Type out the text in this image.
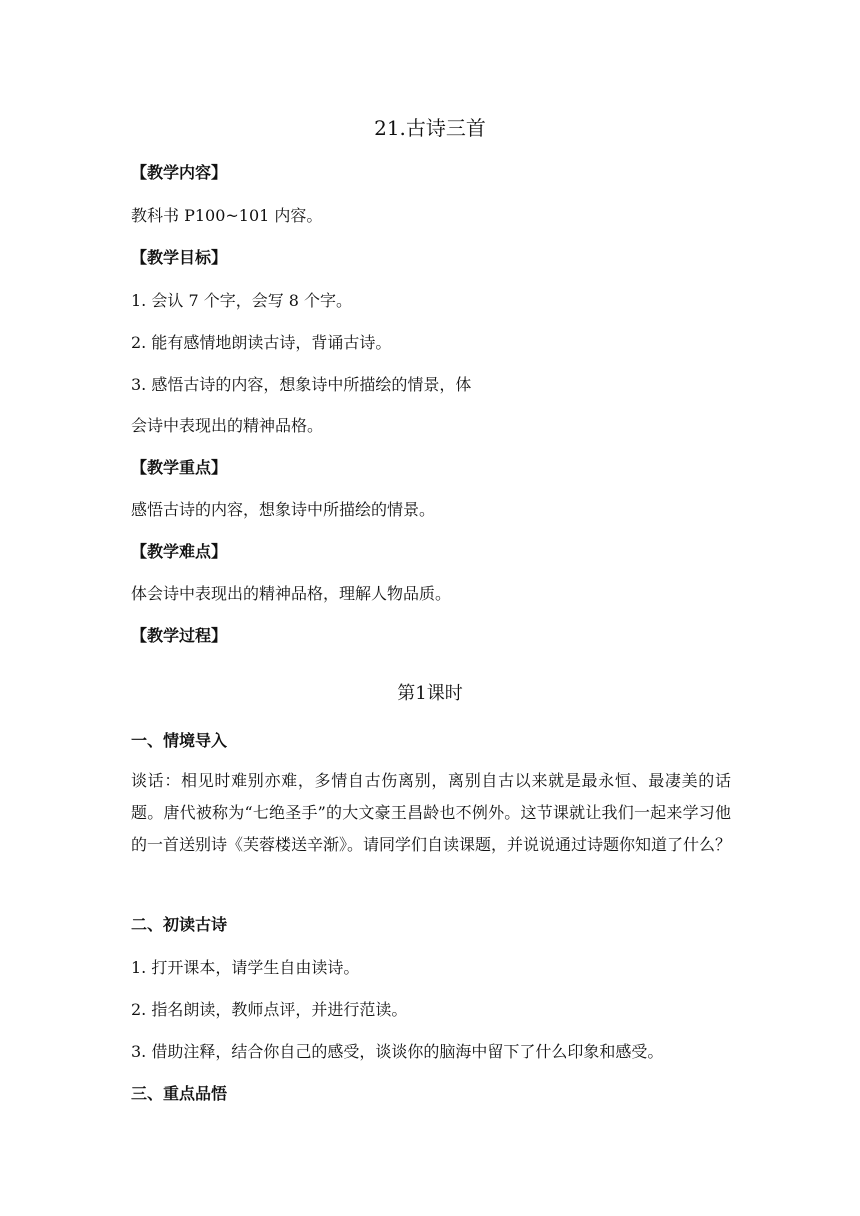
21.古诗三首
【教学内容】
教科书 P100~101 内容。
【教学目标】
1. 会认 7 个字，会写 8 个字。
2. 能有感情地朗读古诗，背诵古诗。
3. 感悟古诗的内容，想象诗中所描绘的情景，体
会诗中表现出的精神品格。
【教学重点】
感悟古诗的内容，想象诗中所描绘的情景。
【教学难点】
体会诗中表现出的精神品格，理解人物品质。
【教学过程】
第1课时
一、情境导入
谈话：相见时难别亦难，多情自古伤离别，离别自古以来就是最永恒、最凄美的话题。唐代被称为“七绝圣手”的大文豪王昌龄也不例外。这节课就让我们一起来学习他的一首送别诗《芙蓉楼送辛渐》。请同学们自读课题，并说说通过诗题你知道了什么？
二、初读古诗
1. 打开课本，请学生自由读诗。
2. 指名朗读，教师点评，并进行范读。
3. 借助注释，结合你自己的感受，谈谈你的脑海中留下了什么印象和感受。
三、重点品悟
